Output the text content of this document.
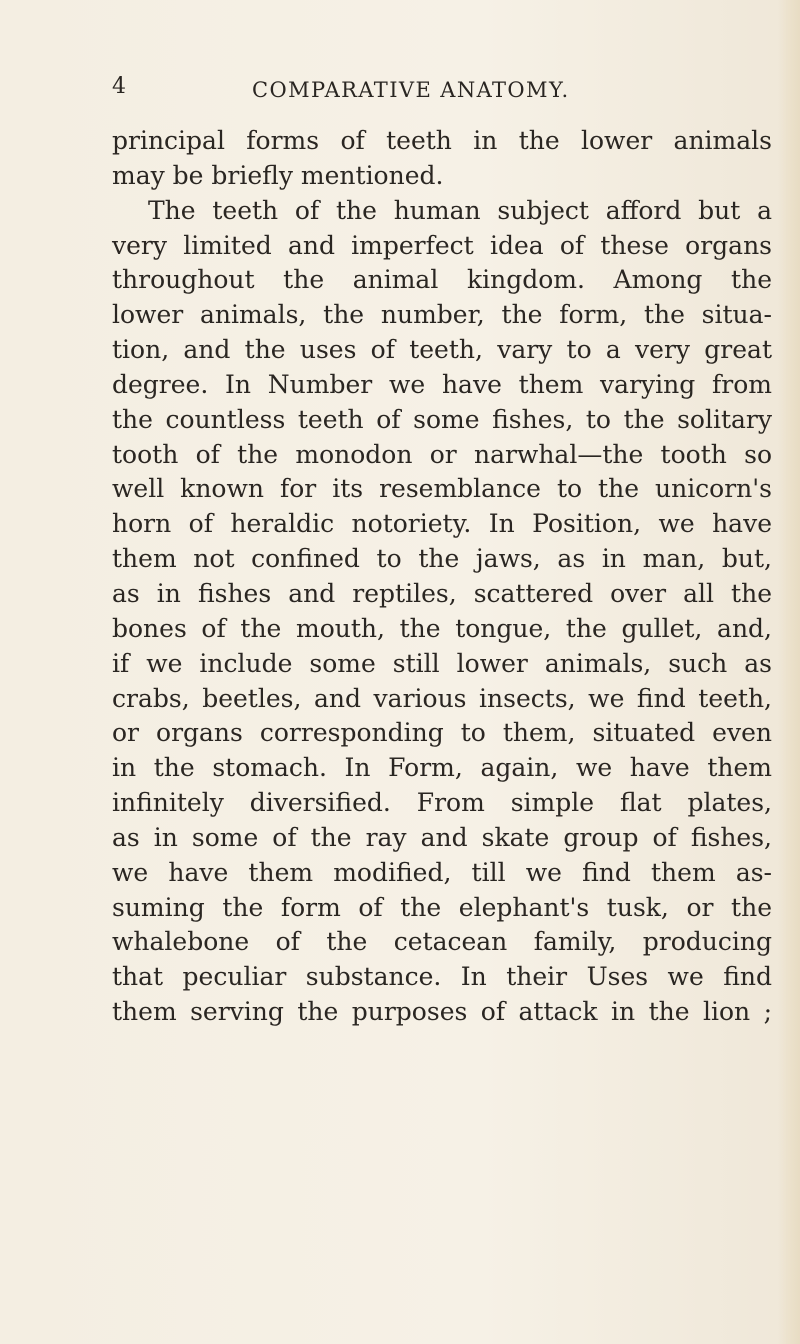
4	COMPARATIVE ANATOMY.
principal forms of teeth in the lower animals
may be briefly mentioned.
The teeth of the human subject afford but a
very limited and imperfect idea of these organs
throughout the animal kingdom. Among the
lower animals, the number, the form, the situa-
tion, and the uses of teeth, vary to a very great
degree. In Number we have them varying from
the countless teeth of some fishes, to the solitary
tooth of the monodon or narwhal—the tooth so
well known for its resemblance to the unicorn's
horn of heraldic notoriety. In Position, we have
them not confined to the jaws, as in man, but,
as in fishes and reptiles, scattered over all the
bones of the mouth, the tongue, the gullet, and,
if we include some still lower animals, such as
crabs, beetles, and various insects, we find teeth,
or organs corresponding to them, situated even
in the stomach. In Form, again, we have them
infinitely diversified. From simple flat plates,
as in some of the ray and skate group of fishes,
we have them modified, till we find them as-
suming the form of the elephant's tusk, or the
whalebone of the cetacean family, producing
that peculiar substance. In their Uses we find
them serving the purposes of attack in the lion ;
